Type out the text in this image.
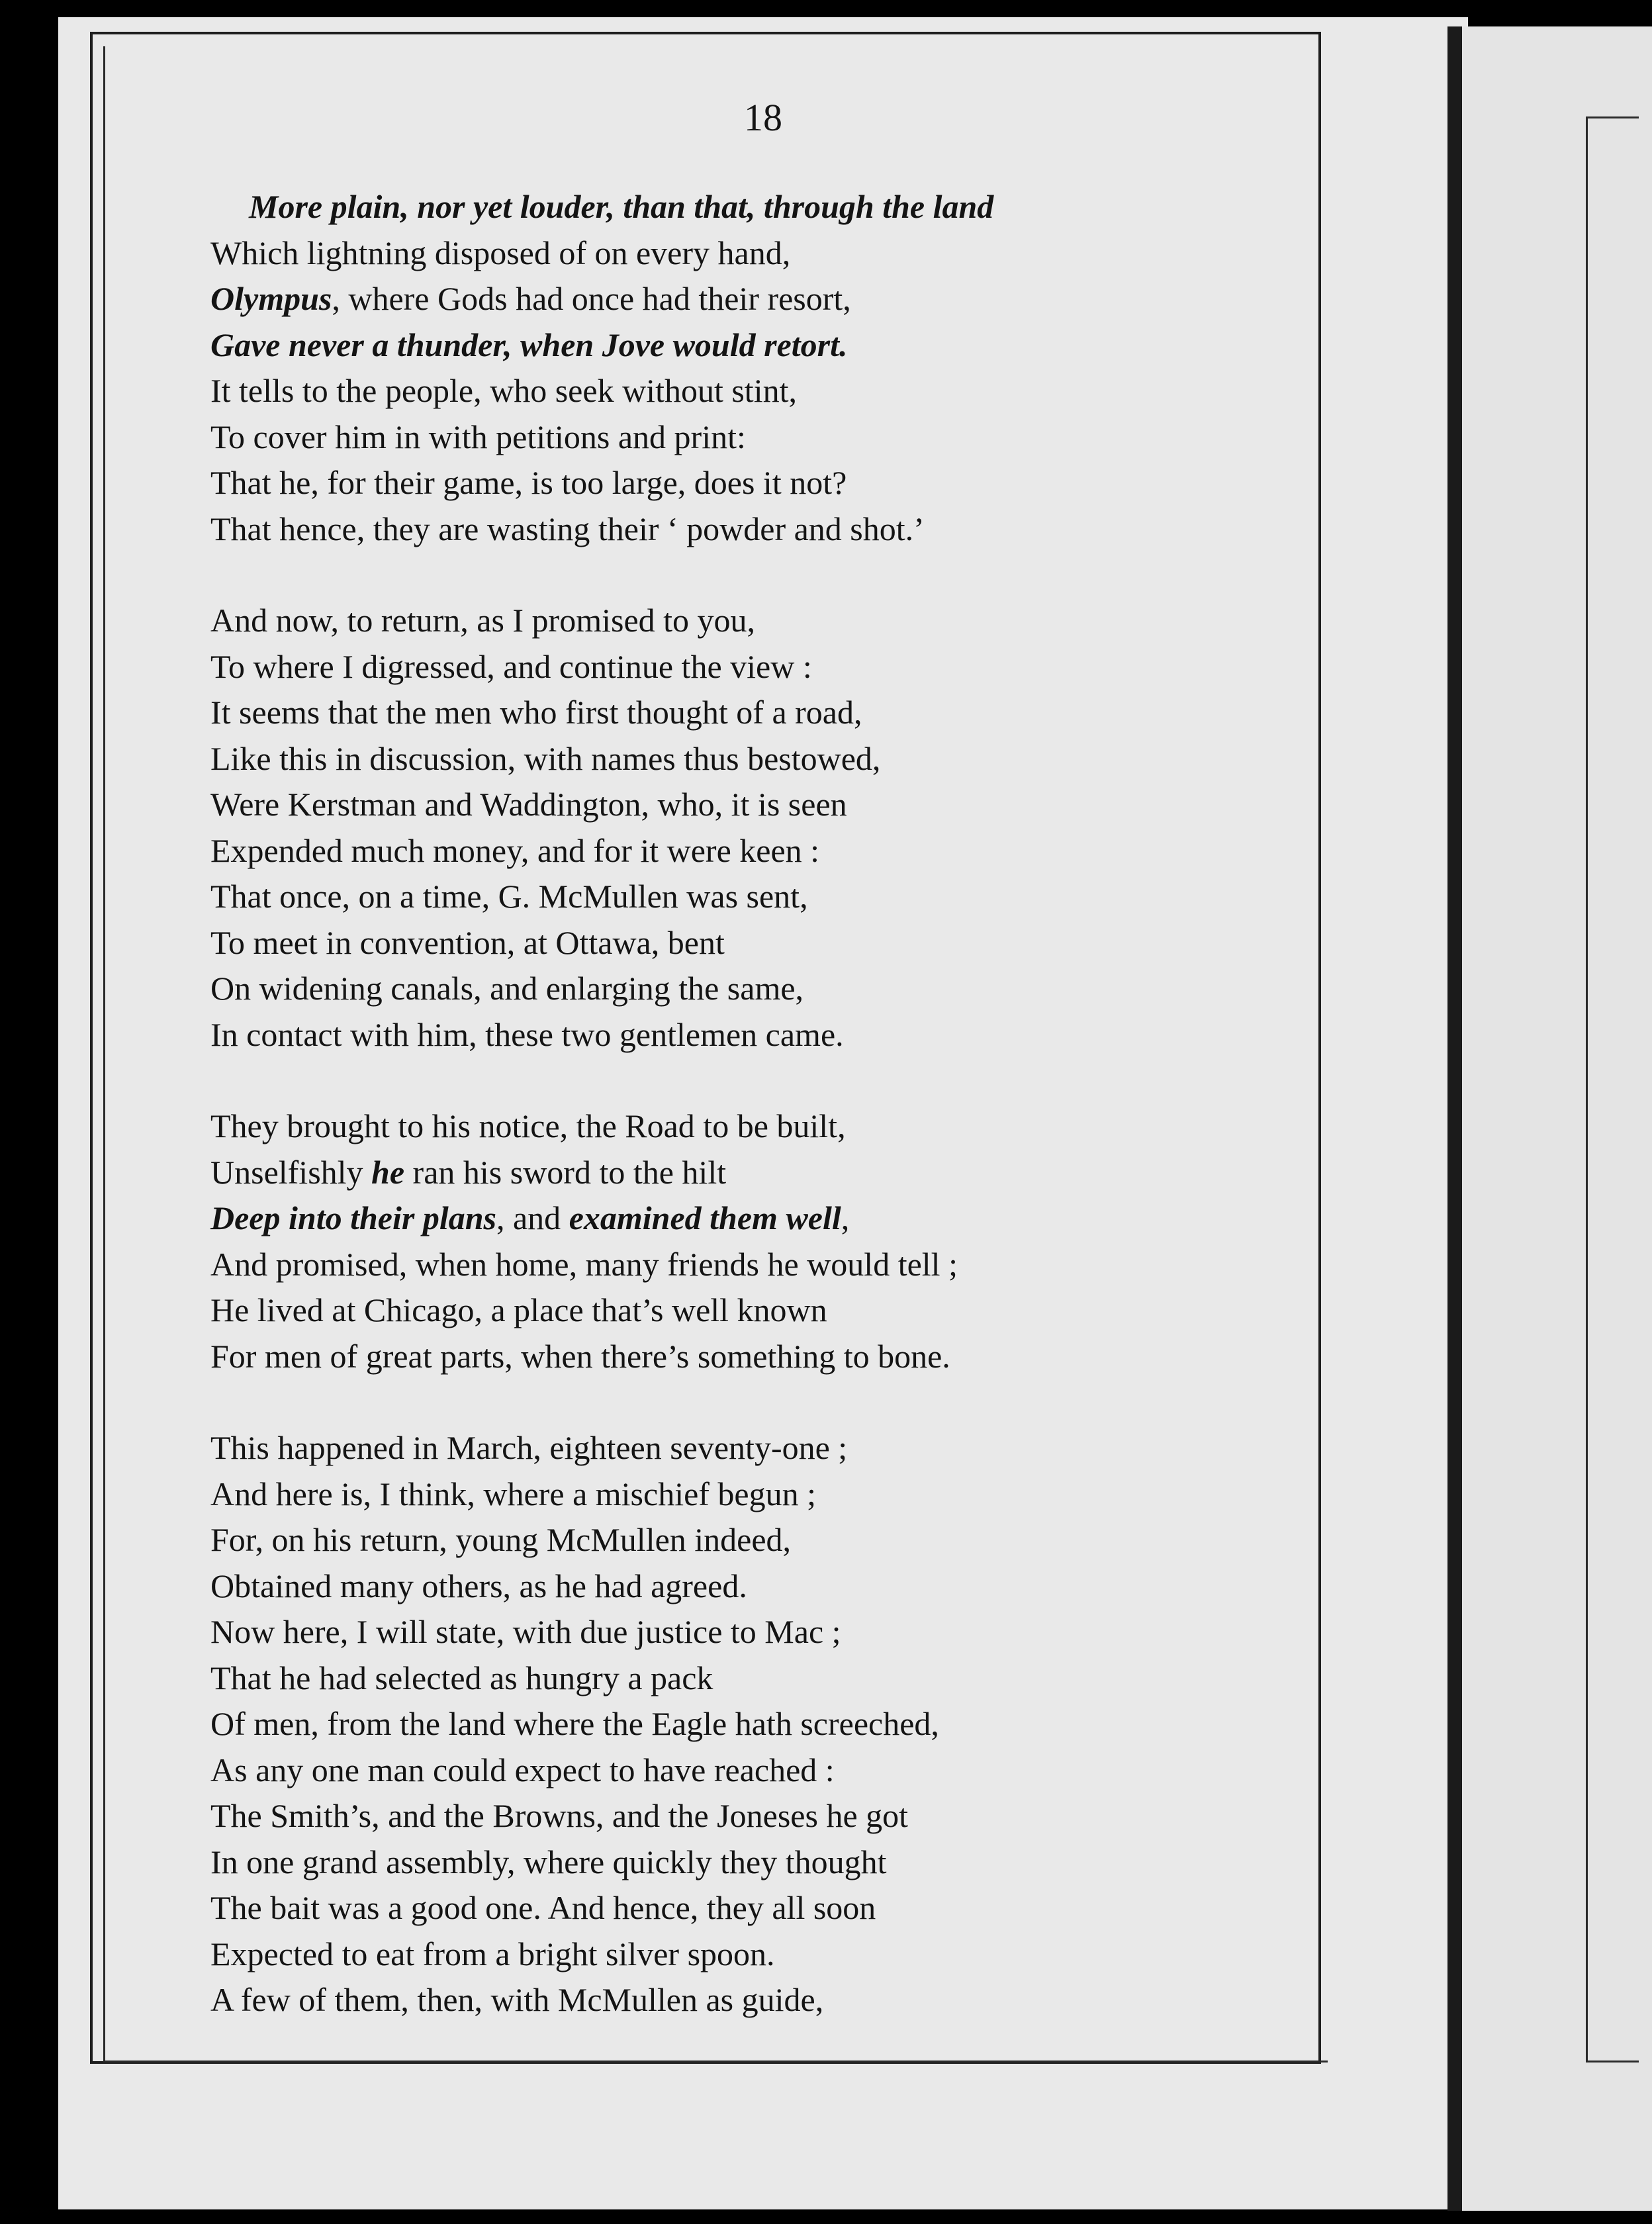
18
More plain, nor yet louder, than that, through the land
Which lightning disposed of on every hand,
Olympus, where Gods had once had their resort,
Gave never a thunder, when Jove would retort.
It tells to the people, who seek without stint,
To cover him in with petitions and print:
That he, for their game, is too large, does it not?
That hence, they are wasting their ‘ powder and shot.’
And now, to return, as I promised to you,
To where I digressed, and continue the view :
It seems that the men who first thought of a road,
Like this in discussion, with names thus bestowed,
Were Kerstman and Waddington, who, it is seen
Expended much money, and for it were keen :
That once, on a time, G. McMullen was sent,
To meet in convention, at Ottawa, bent
On widening canals, and enlarging the same,
In contact with him, these two gentlemen came.
They brought to his notice, the Road to be built,
Unselfishly he ran his sword to the hilt
Deep into their plans, and examined them well,
And promised, when home, many friends he would tell ;
He lived at Chicago, a place that’s well known
For men of great parts, when there’s something to bone.
This happened in March, eighteen seventy-one ;
And here is, I think, where a mischief begun ;
For, on his return, young McMullen indeed,
Obtained many others, as he had agreed.
Now here, I will state, with due justice to Mac ;
That he had selected as hungry a pack
Of men, from the land where the Eagle hath screeched,
As any one man could expect to have reached :
The Smith’s, and the Browns, and the Joneses he got
In one grand assembly, where quickly they thought
The bait was a good one. And hence, they all soon
Expected to eat from a bright silver spoon.
A few of them, then, with McMullen as guide,
